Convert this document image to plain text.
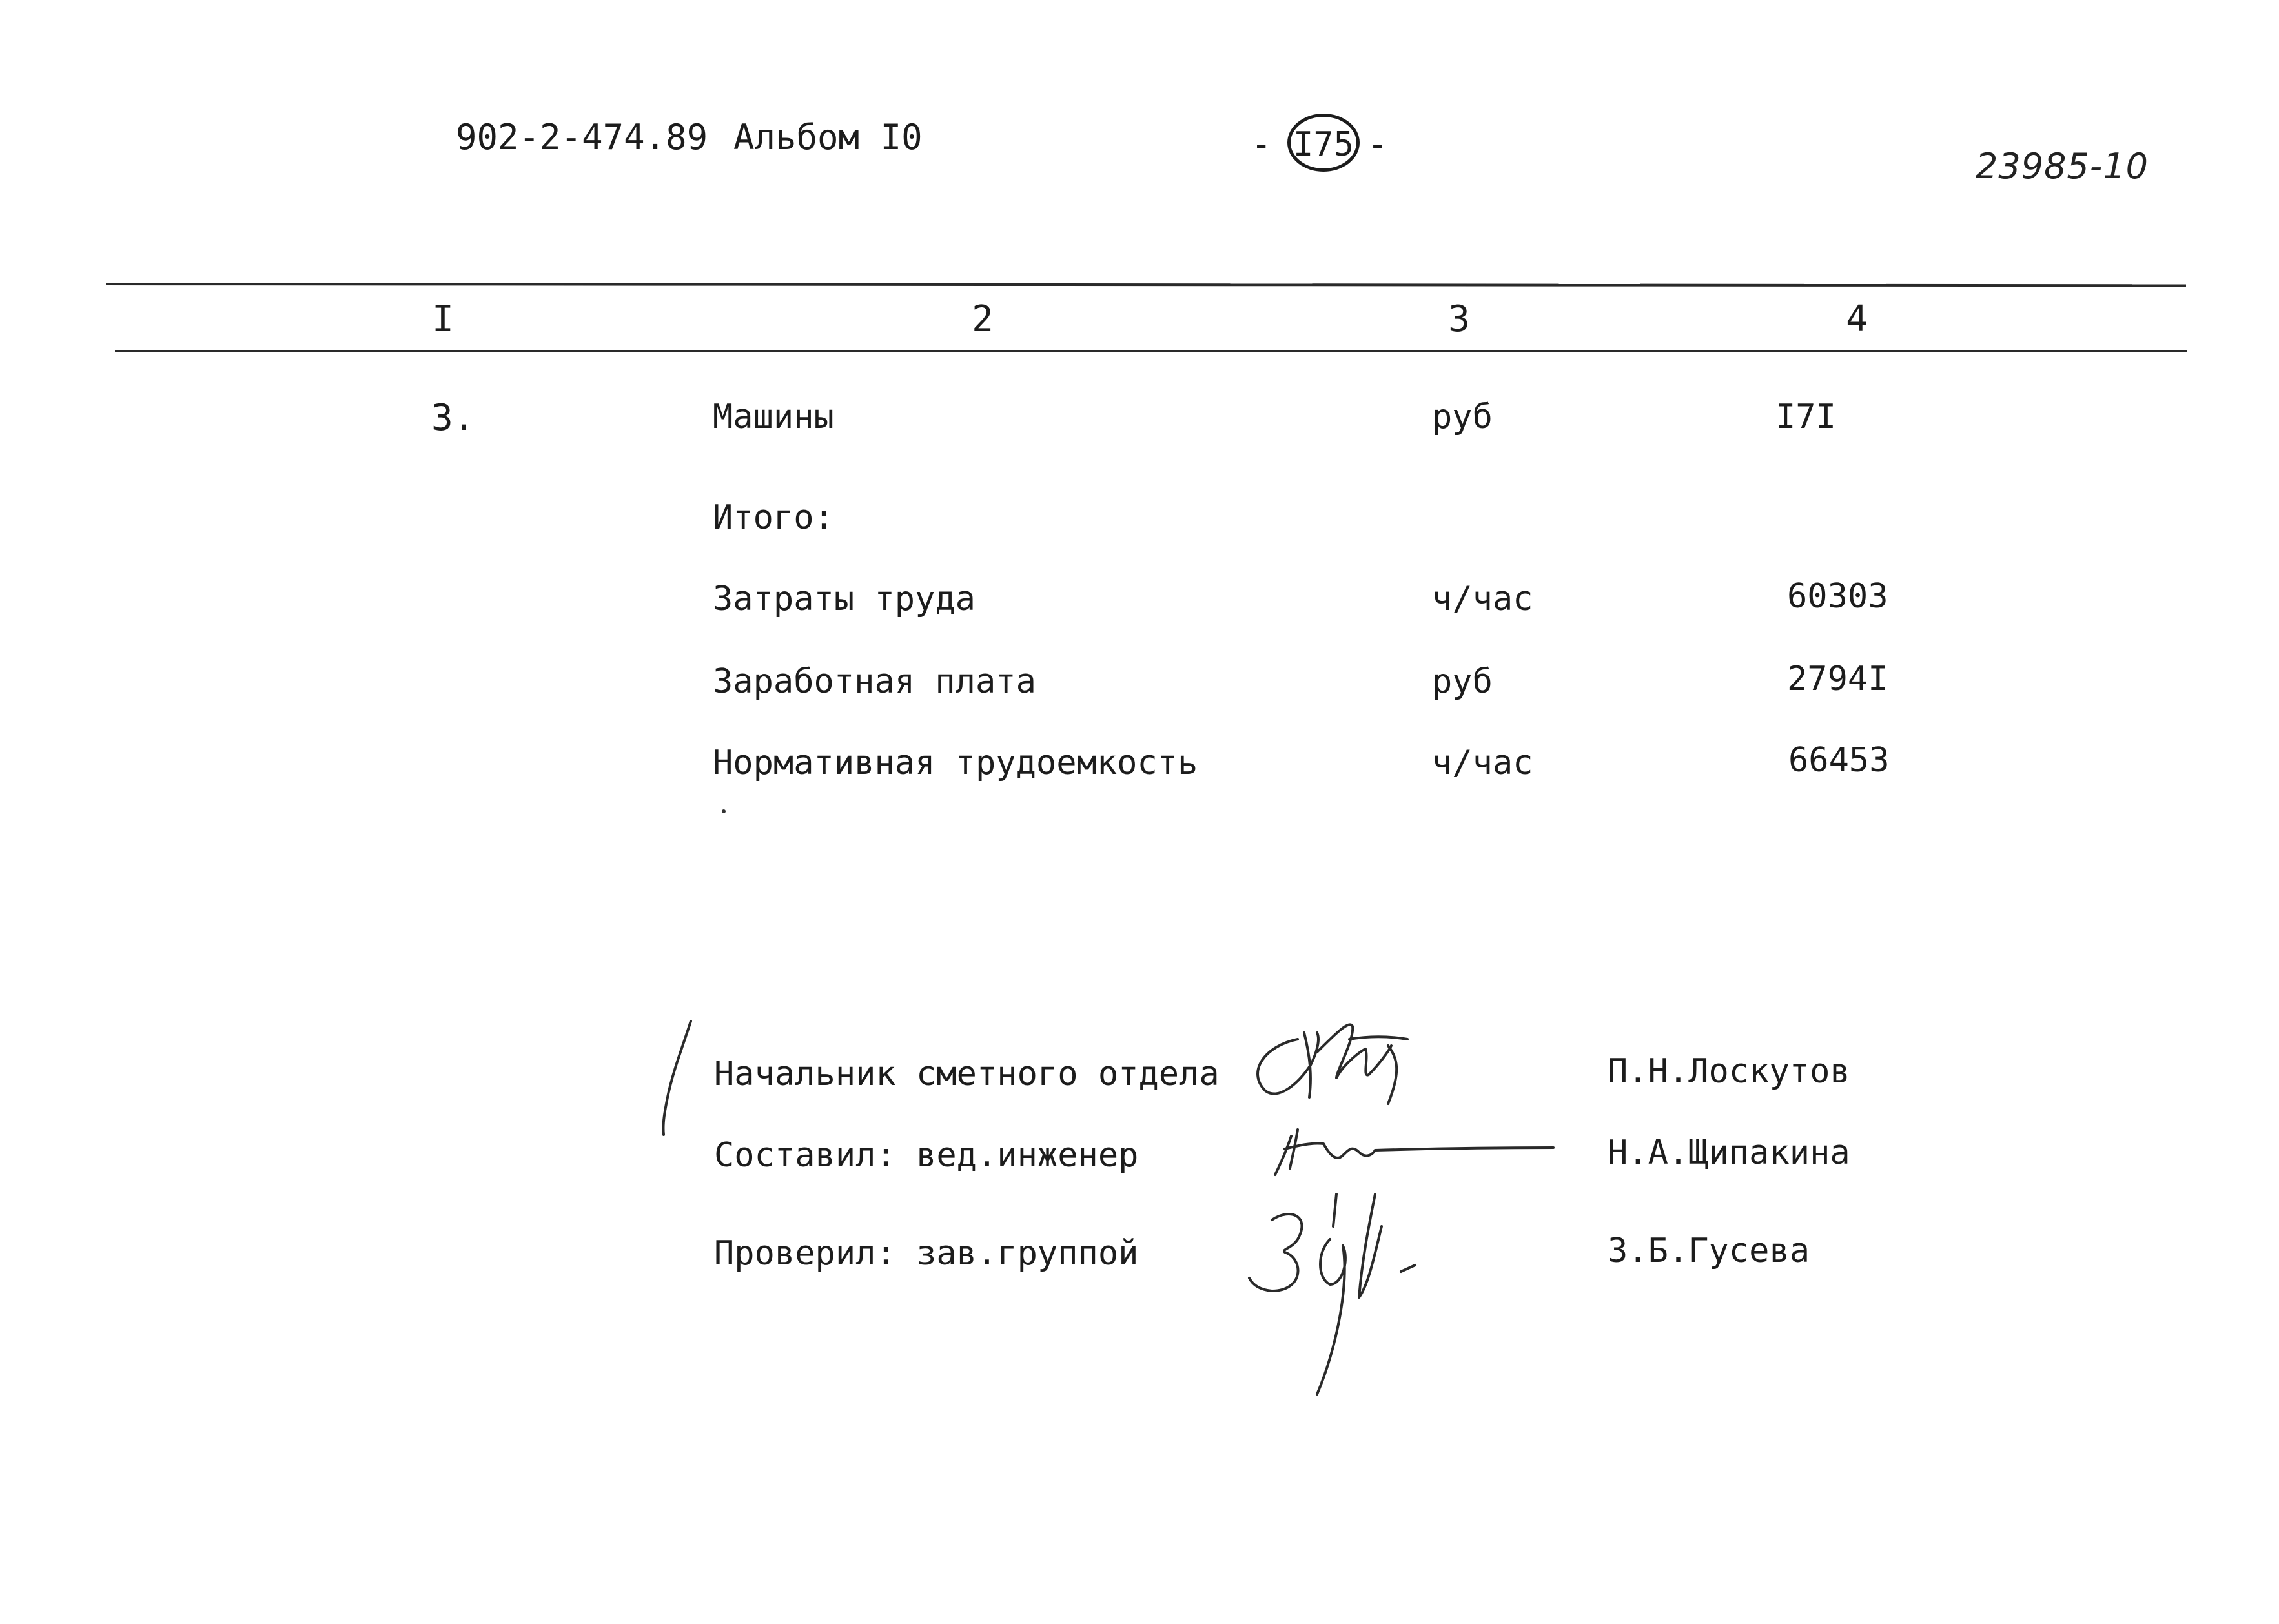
902-2-474.89 Альбом I0	- I75 -
23985-10
I	2	3	4
3.	Машины	руб	I7I
Итого:
Затраты труда	ч/час	60303
Заработная плата	руб	2794I
Нормативная трудоемкость	ч/час	66453
Начальник сметного отдела	П.Н.Лоскутов
Составил: вед.инженер	Н.А.Щипакина
Проверил: зав.группой	З.Б.Гусева
